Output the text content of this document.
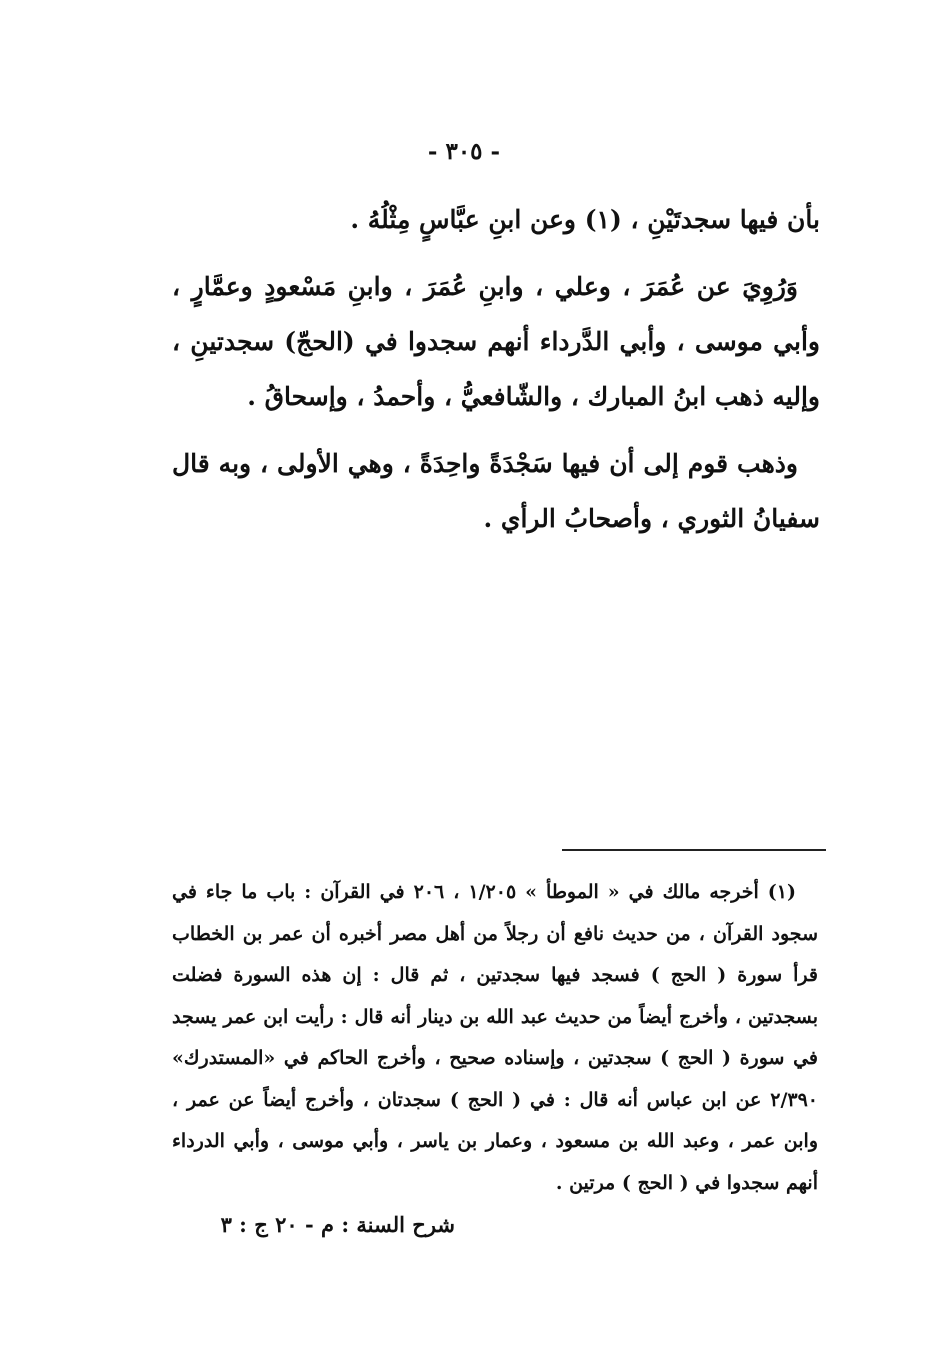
- ٣٠٥ -

بأن فيها سجدتَيْنِ ، (١) وعن ابنِ عبَّاسٍ مِثْلُهُ .

وَرُوِيَ عن عُمَرَ ، وعلي ، وابنِ عُمَرَ ، وابنِ مَسْعودٍ وعمَّارٍ ، وأبي موسى ، وأبي الدَّرداء أنهم سجدوا في (الحجّ) سجدتينِ ، وإليه ذهب ابنُ المبارك ، والشّافعيُّ ، وأحمدُ ، وإسحاقُ .

وذهب قوم إلى أن فيها سَجْدَةً واحِدَةً ، وهي الأولى ، وبه قال سفيانُ الثوري ، وأصحابُ الرأي .

(١) أخرجه مالك في « الموطأ » ١/٢٠٥ ، ٢٠٦ في القرآن : باب ما جاء في سجود القرآن ، من حديث نافع أن رجلاً من أهل مصر أخبره أن عمر بن الخطاب قرأ سورة ( الحج ) فسجد فيها سجدتين ، ثم قال : إن هذه السورة فضلت بسجدتين ، وأخرج أيضاً من حديث عبد الله بن دينار أنه قال : رأيت ابن عمر يسجد في سورة ( الحج ) سجدتين ، وإسناده صحيح ، وأخرج الحاكم في «المستدرك» ٢/٣٩٠ عن ابن عباس أنه قال : في ( الحج ) سجدتان ، وأخرج أيضاً عن عمر ، وابن عمر ، وعبد الله بن مسعود ، وعمار بن ياسر ، وأبي موسى ، وأبي الدرداء أنهم سجدوا في ( الحج ) مرتين .

شرح السنة : م - ٢٠ ج : ٣
